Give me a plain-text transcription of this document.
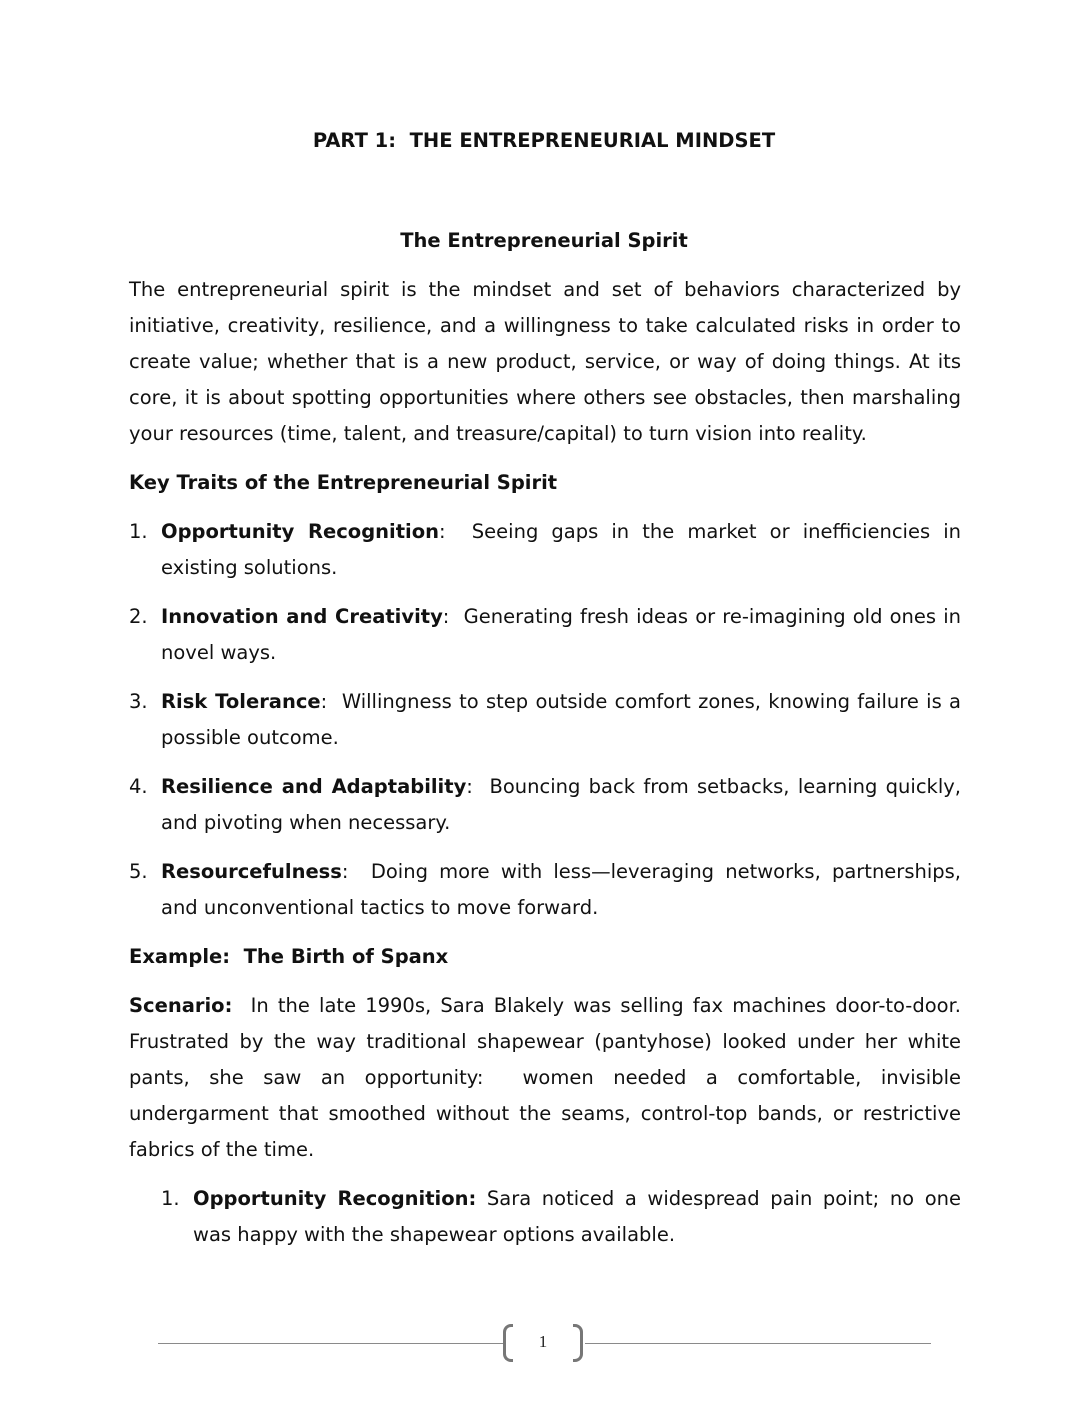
PART 1:  THE ENTREPRENEURIAL MINDSET
The Entrepreneurial Spirit

The entrepreneurial spirit is the mindset and set of behaviors characterized by initiative, creativity, resilience, and a willingness to take calculated risks in order to create value; whether that is a new product, service, or way of doing things. At its core, it is about spotting opportunities where others see obstacles, then marshaling your resources (time, talent, and treasure/capital) to turn vision into reality.

Key Traits of the Entrepreneurial Spirit
1. Opportunity Recognition:  Seeing gaps in the market or inefficiencies in existing solutions.
2. Innovation and Creativity:  Generating fresh ideas or re-imagining old ones in novel ways.
3. Risk Tolerance:  Willingness to step outside comfort zones, knowing failure is a possible outcome.
4. Resilience and Adaptability:  Bouncing back from setbacks, learning quickly, and pivoting when necessary.
5. Resourcefulness:  Doing more with less—leveraging networks, partnerships, and unconventional tactics to move forward.
Example:  The Birth of Spanx

Scenario:  In the late 1990s, Sara Blakely was selling fax machines door-to-door. Frustrated by the way traditional shapewear (pantyhose) looked under her white pants, she saw an opportunity:  women needed a comfortable, invisible undergarment that smoothed without the seams, control-top bands, or restrictive fabrics of the time.

1. Opportunity Recognition: Sara noticed a widespread pain point; no one was happy with the shapewear options available.
1
